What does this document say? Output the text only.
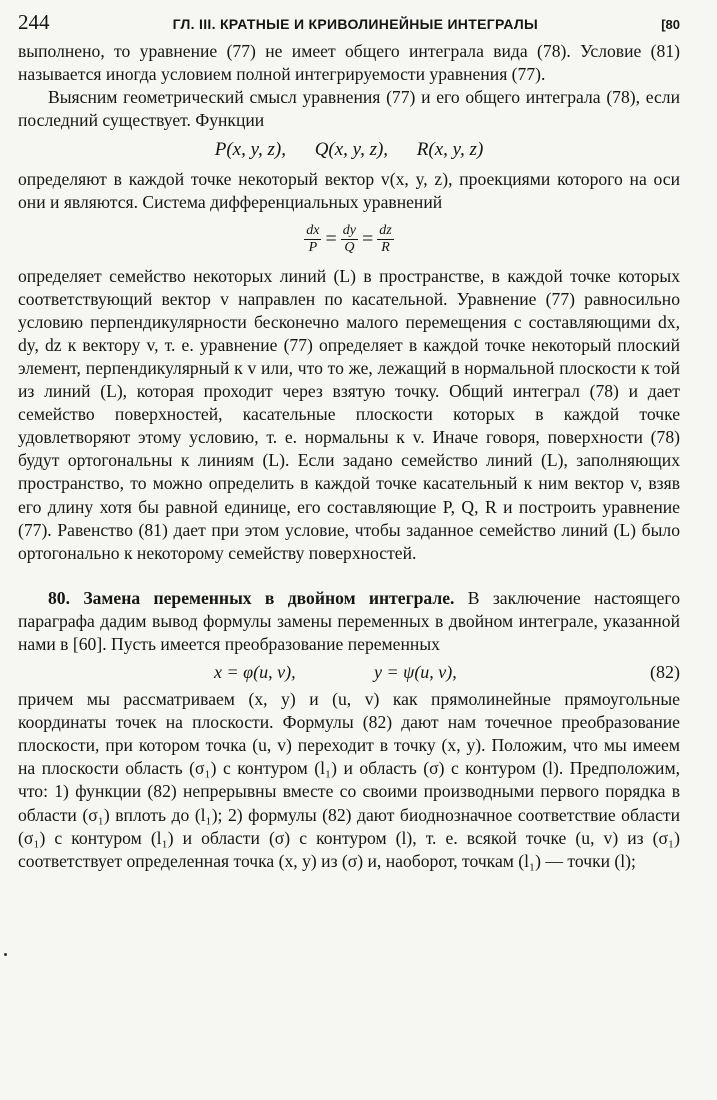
244	ГЛ. III. КРАТНЫЕ И КРИВОЛИНЕЙНЫЕ ИНТЕГРАЛЫ	[80

выполнено, то уравнение (77) не имеет общего интеграла вида (78). Условие (81) называется иногда условием полной интегрируемости уравнения (77).

Выясним геометрический смысл уравнения (77) и его общего интеграла (78), если последний существует. Функции

P(x, y, z), Q(x, y, z), R(x, y, z)

определяют в каждой точке некоторый вектор v(x, y, z), проекциями которого на оси они и являются. Система дифференциальных уравнений

$\frac{dx}{P} = \frac{dy}{Q} = \frac{dz}{R}$

определяет семейство некоторых линий (L) в пространстве, в каждой точке которых соответствующий вектор v направлен по касательной. Уравнение (77) равносильно условию перпендикулярности бесконечно малого перемещения с составляющими dx, dy, dz к вектору v, т. е. уравнение (77) определяет в каждой точке некоторый плоский элемент, перпендикулярный к v или, что то же, лежащий в нормальной плоскости к той из линий (L), которая проходит через взятую точку. Общий интеграл (78) и дает семейство поверхностей, касательные плоскости которых в каждой точке удовлетворяют этому условию, т. е. нормальны к v. Иначе говоря, поверхности (78) будут ортогональны к линиям (L). Если задано семейство линий (L), заполняющих пространство, то можно определить в каждой точке касательный к ним вектор v, взяв его длину хотя бы равной единице, его составляющие P, Q, R и построить уравнение (77). Равенство (81) дает при этом условие, чтобы заданное семейство линий (L) было ортогонально к некоторому семейству поверхностей.

80. Замена переменных в двойном интеграле. В заключение настоящего параграфа дадим вывод формулы замены переменных в двойном интеграле, указанной нами в [60]. Пусть имеется преобразование переменных

x = φ(u, v),	y = ψ(u, v),	(82)

причем мы рассматриваем (x, y) и (u, v) как прямолинейные прямоугольные координаты точек на плоскости. Формулы (82) дают нам точечное преобразование плоскости, при котором точка (u, v) переходит в точку (x, y). Положим, что мы имеем на плоскости область (σ₁) с контуром (l₁) и область (σ) с контуром (l). Предположим, что: 1) функции (82) непрерывны вместе со своими производными первого порядка в области (σ₁) вплоть до (l₁); 2) формулы (82) дают биоднозначное соответствие области (σ₁) с контуром (l₁) и области (σ) с контуром (l), т. е. всякой точке (u, v) из (σ₁) соответствует определенная точка (x, y) из (σ) и, наоборот, точкам (l₁) — точки (l);
